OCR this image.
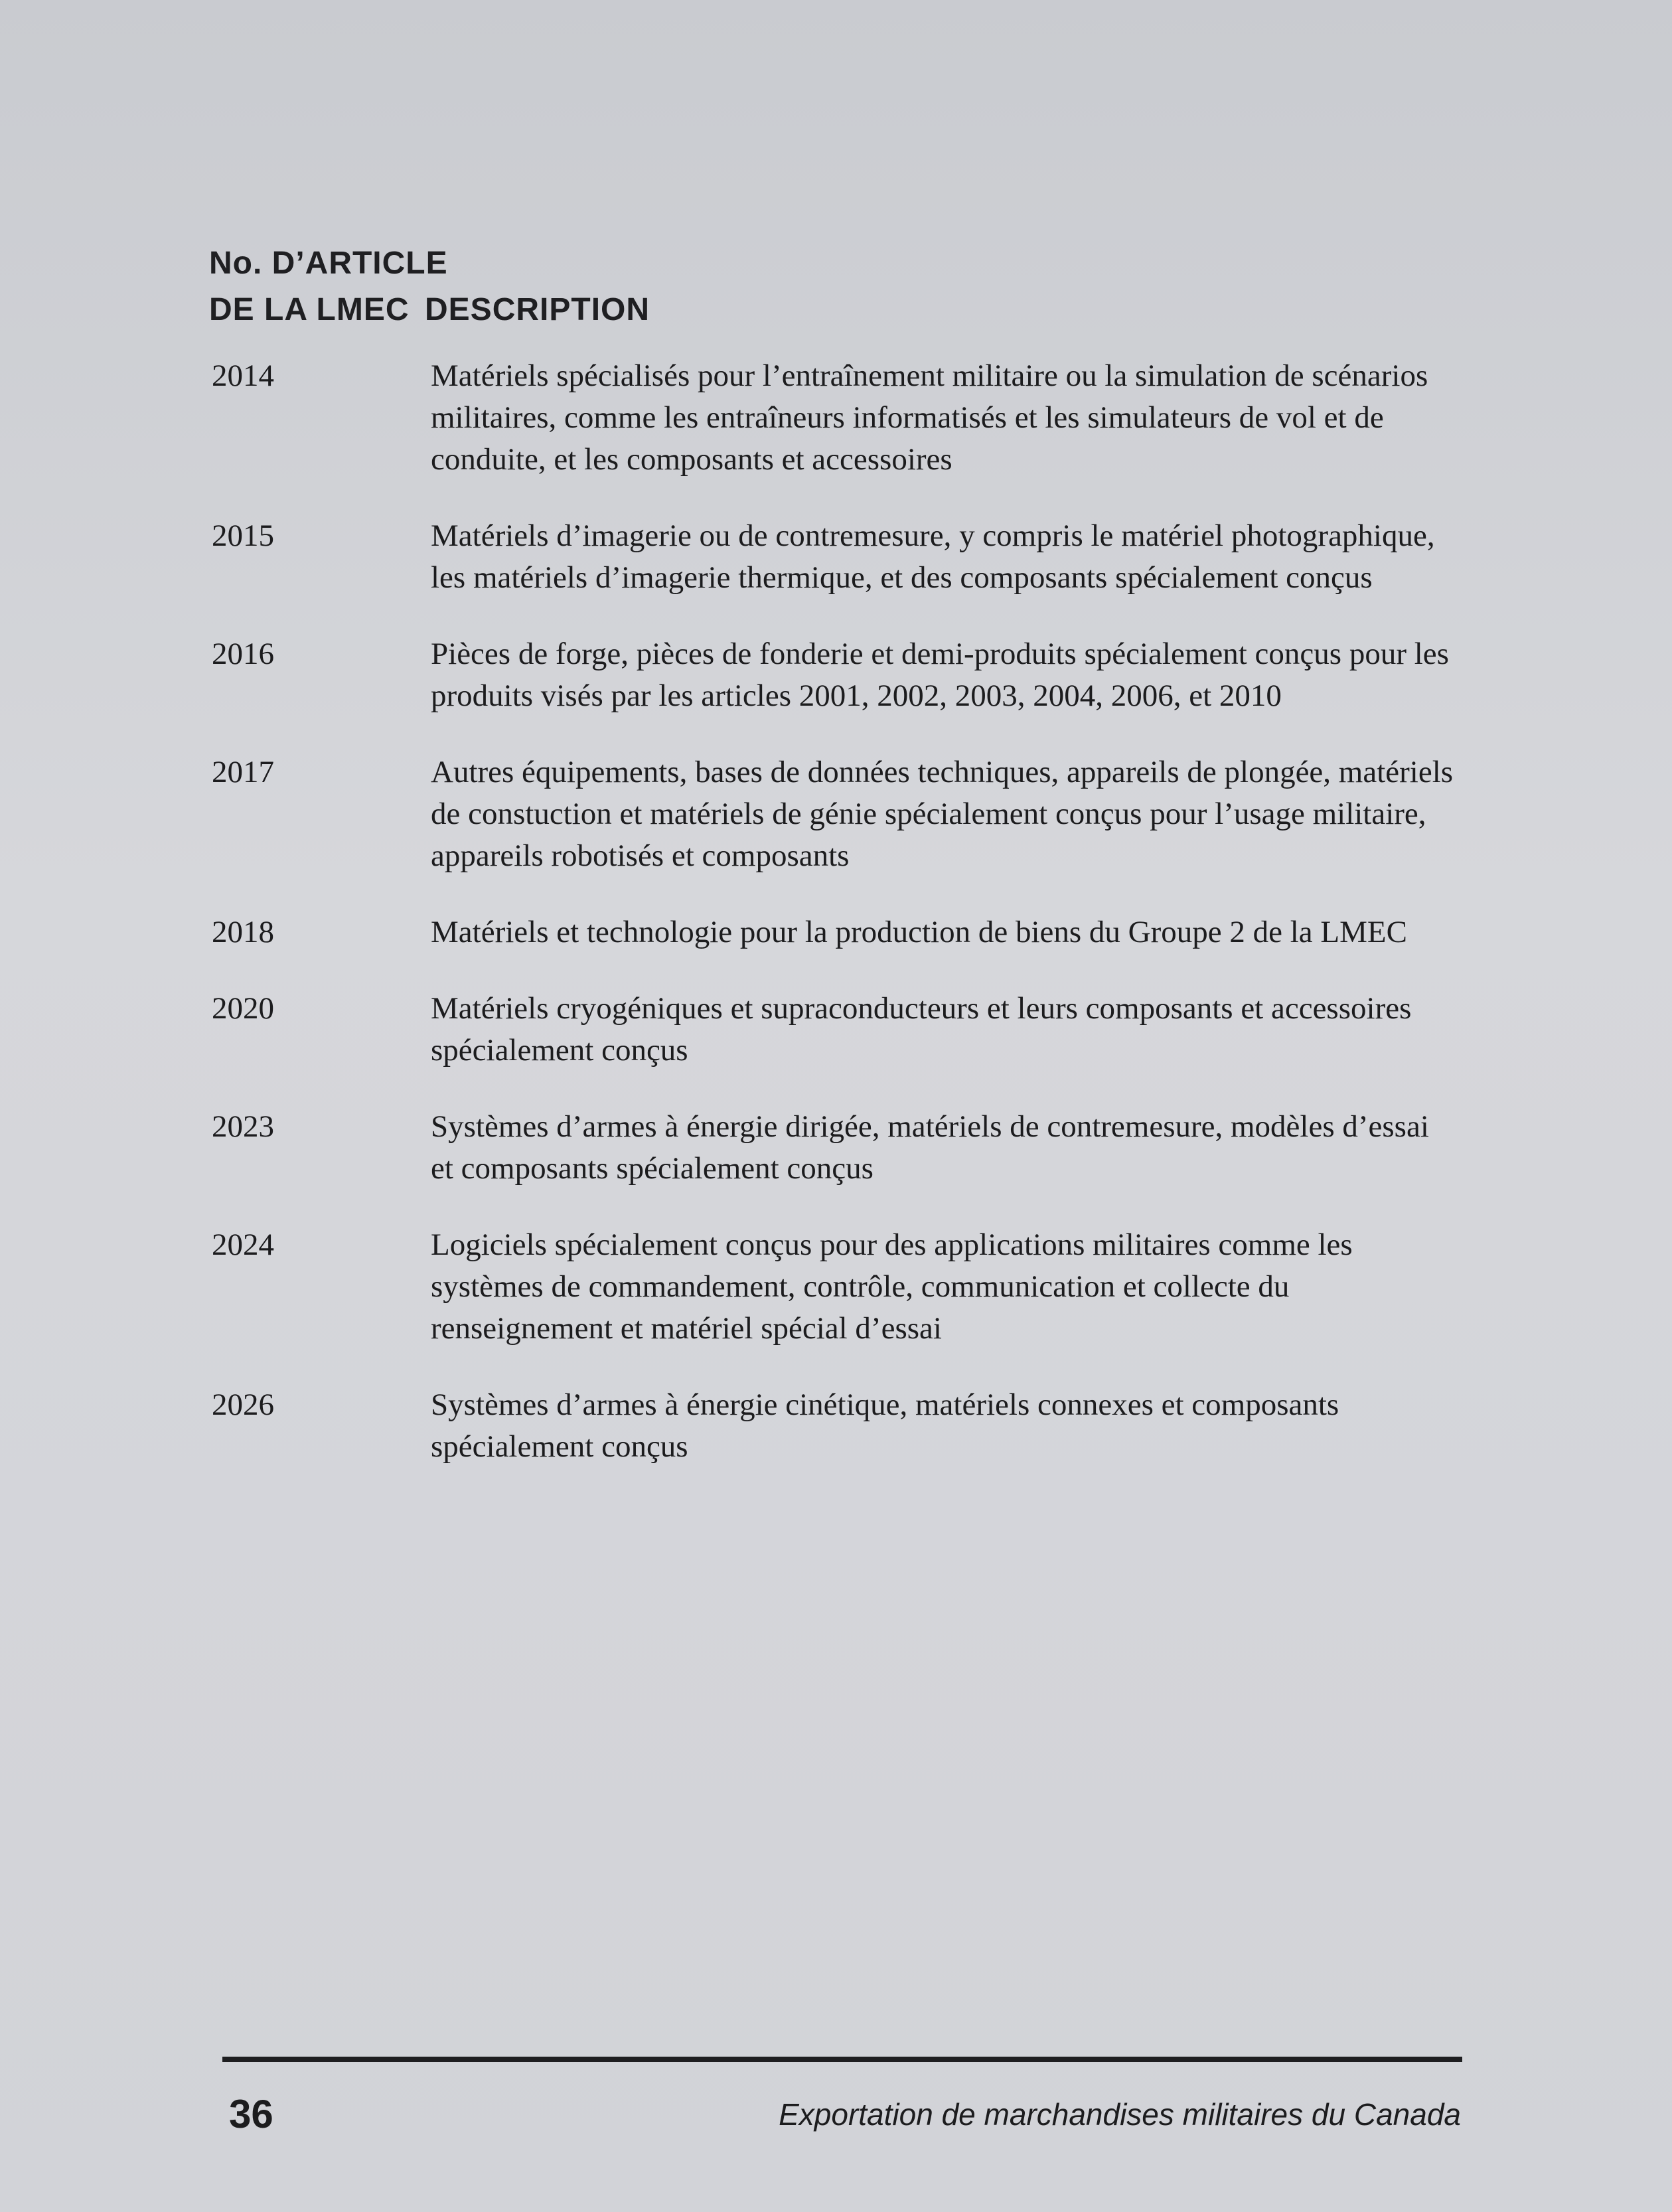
No. D’ARTICLE
DE LA LMEC DESCRIPTION
2014	Matériels spécialisés pour l’entraînement militaire ou la simulation de scénarios militaires, comme les entraîneurs informatisés et les simulateurs de vol et de conduite, et les composants et accessoires
2015	Matériels d’imagerie ou de contremesure, y compris le matériel photographique, les matériels d’imagerie thermique, et des composants spécialement conçus
2016	Pièces de forge, pièces de fonderie et demi-produits spécialement conçus pour les produits visés par les articles 2001, 2002, 2003, 2004, 2006, et 2010
2017	Autres équipements, bases de données techniques, appareils de plongée, matériels de constuction et matériels de génie spécialement conçus pour l’usage militaire, appareils robotisés et composants
2018	Matériels et technologie pour la production de biens du Groupe 2 de la LMEC
2020	Matériels cryogéniques et supraconducteurs et leurs composants et accessoires spécialement conçus
2023	Systèmes d’armes à énergie dirigée, matériels de contremesure, modèles d’essai et composants spécialement conçus
2024	Logiciels spécialement conçus pour des applications militaires comme les systèmes de commandement, contrôle, communication et collecte du renseignement et matériel spécial d’essai
2026	Systèmes d’armes à énergie cinétique, matériels connexes et composants spécialement conçus
36	Exportation de marchandises militaires du Canada
